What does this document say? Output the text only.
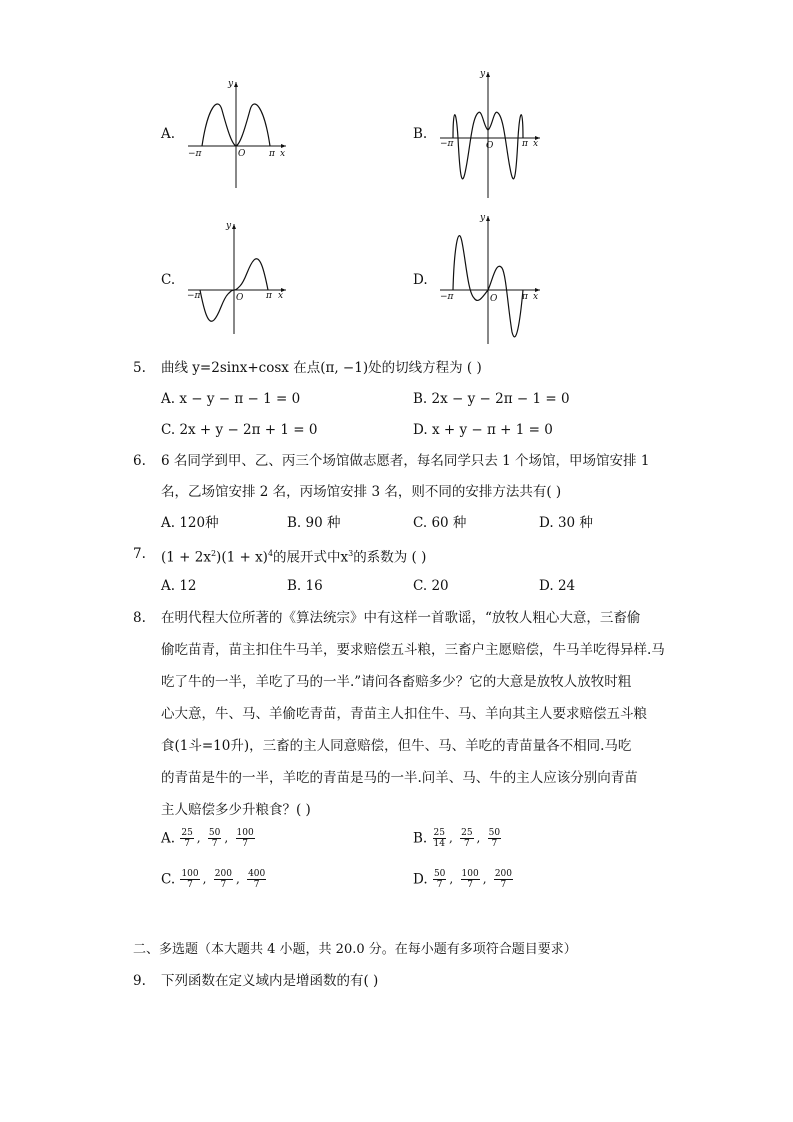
A.
y
O
−π	π x
B.
y
O
−π	π x
C.
y
O
−π	π x
D.
y
O
−π	π x
5. 曲线 y=2sinx+cosx 在点(π, −1)处的切线方程为 ( )
A. x − y − π − 1 = 0	B. 2x − y − 2π − 1 = 0
C. 2x + y − 2π + 1 = 0	D. x + y − π + 1 = 0
6. 6 名同学到甲、乙、丙三个场馆做志愿者，每名同学只去 1 个场馆，甲场馆安排 1
名，乙场馆安排 2 名，丙场馆安排 3 名，则不同的安排方法共有( )
A. 120种	B. 90 种	C. 60 种	D. 30 种
7. $(1 + 2x^2)(1 + x)^4$的展开式中$x^3$的系数为 ( )
A. 12	B. 16	C. 20	D. 24
8. 在明代程大位所著的《算法统宗》中有这样一首歌谣，“放牧人粗心大意，三畜偷
偷吃苗青，苗主扣住牛马羊，要求赔偿五斗粮，三畜户主愿赔偿，牛马羊吃得异样.马
吃了牛的一半，羊吃了马的一半.”请问各畜赔多少？它的大意是放牧人放牧时粗
心大意，牛、马、羊偷吃青苗，青苗主人扣住牛、马、羊向其主人要求赔偿五斗粮
食(1斗=10升)，三畜的主人同意赔偿，但牛、马、羊吃的青苗量各不相同.马吃
的青苗是牛的一半，羊吃的青苗是马的一半.问羊、马、牛的主人应该分别向青苗
主人赔偿多少升粮食？( )
A. $\frac{25}{7}$ , $\frac{50}{7}$ , $\frac{100}{7}$	B. $\frac{25}{14}$ , $\frac{25}{7}$ , $\frac{50}{7}$
C. $\frac{100}{7}$ , $\frac{200}{7}$ , $\frac{400}{7}$	D. $\frac{50}{7}$ , $\frac{100}{7}$ , $\frac{200}{7}$
二、多选题（本大题共 4 小题，共 20.0 分。在每小题有多项符合题目要求）
9. 下列函数在定义域内是增函数的有( )
